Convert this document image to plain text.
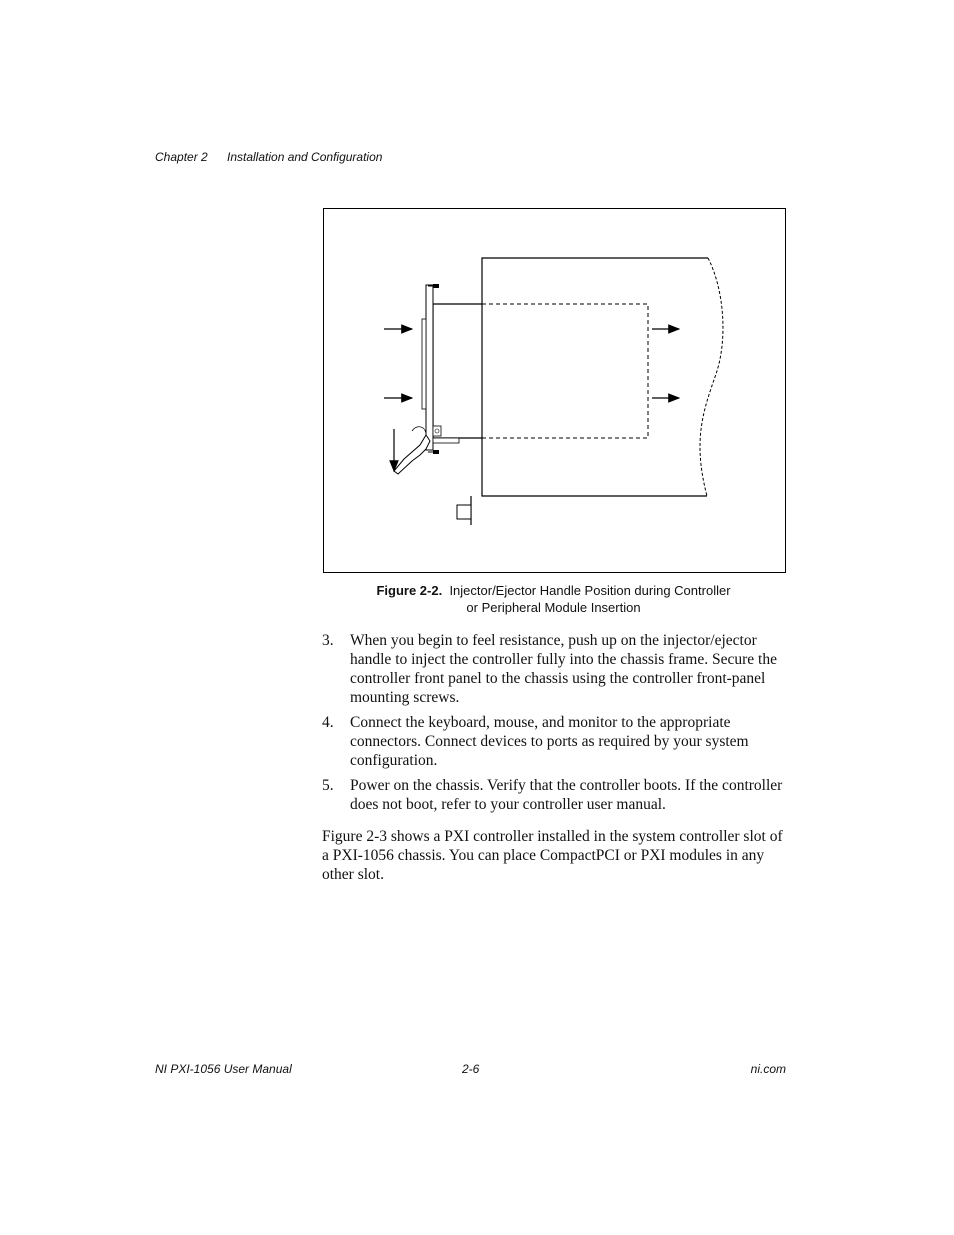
Chapter 2 Installation and Configuration
Figure 2-2. Injector/Ejector Handle Position during Controller
or Peripheral Module Insertion
3. When you begin to feel resistance, push up on the injector/ejector handle to inject the controller fully into the chassis frame. Secure the controller front panel to the chassis using the controller front-panel mounting screws.
4. Connect the keyboard, mouse, and monitor to the appropriate connectors. Connect devices to ports as required by your system configuration.
5. Power on the chassis. Verify that the controller boots. If the controller does not boot, refer to your controller user manual.

Figure 2-3 shows a PXI controller installed in the system controller slot of a PXI-1056 chassis. You can place CompactPCI or PXI modules in any other slot.

NI PXI-1056 User Manual	2-6	ni.com
